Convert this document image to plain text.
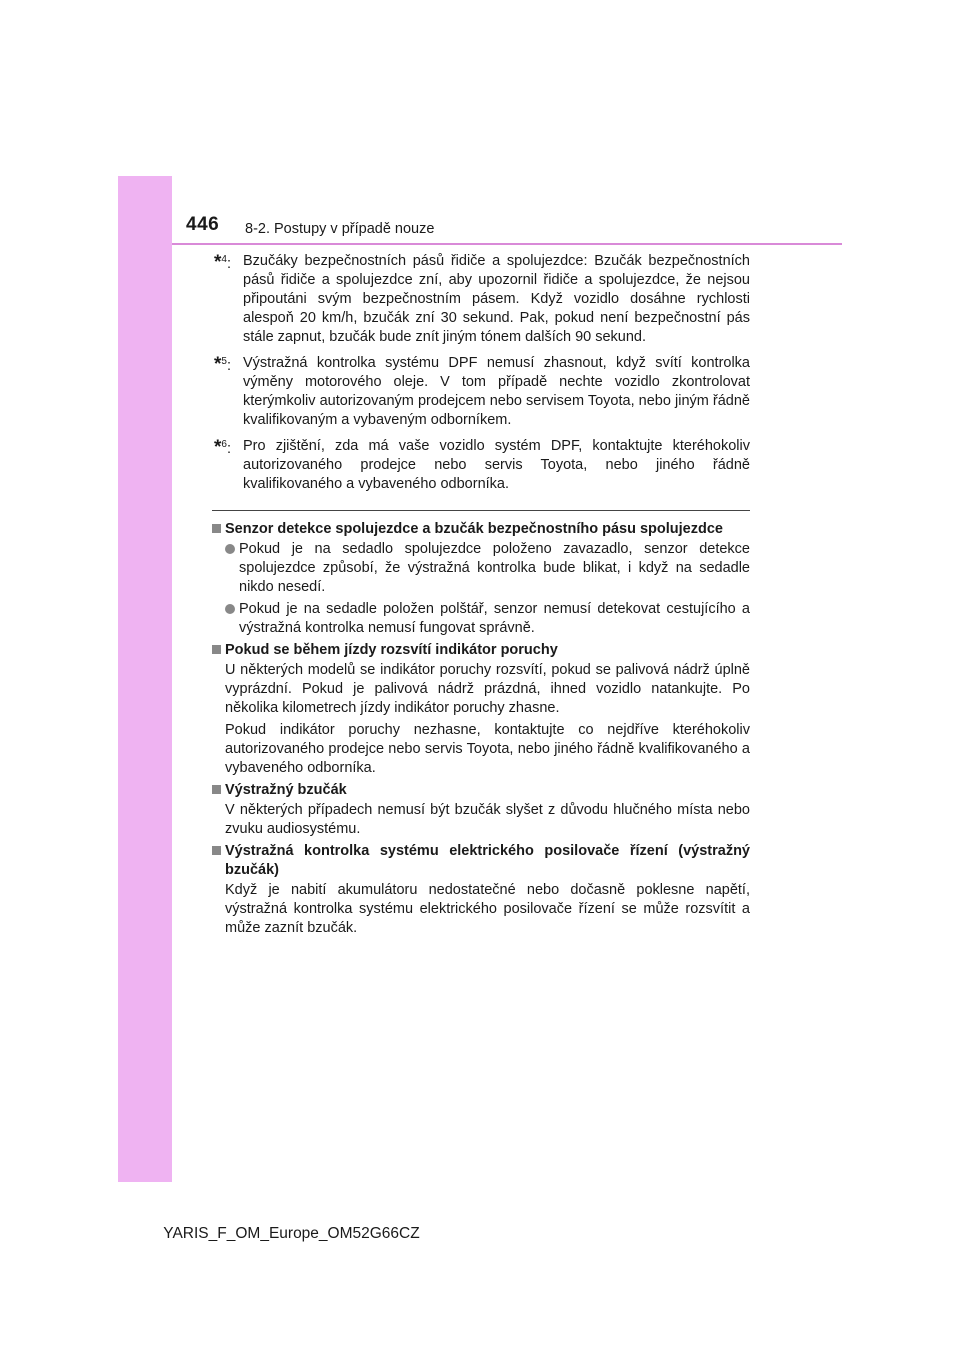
446 8-2. Postupy v případě nouze
*$^4$: Bzučáky bezpečnostních pásů řidiče a spolujezdce: Bzučák bezpečnostních pásů řidiče a spolujezdce zní, aby upozornil řidiče a spolujezdce, že nejsou připoutáni svým bezpečnostním pásem. Když vozidlo dosáhne rychlosti alespoň 20 km/h, bzučák zní 30 sekund. Pak, pokud není bezpečnostní pás stále zapnut, bzučák bude znít jiným tónem dalších 90 sekund.
*$^5$: Výstražná kontrolka systému DPF nemusí zhasnout, když svítí kontrolka výměny motorového oleje. V tom případě nechte vozidlo zkontrolovat kterýmkoliv autorizovaným prodejcem nebo servisem Toyota, nebo jiným řádně kvalifikovaným a vybaveným odborníkem.
*$^6$: Pro zjištění, zda má vaše vozidlo systém DPF, kontaktujte kteréhokoliv autorizovaného prodejce nebo servis Toyota, nebo jiného řádně kvalifikovaného a vybaveného odborníka.
Senzor detekce spolujezdce a bzučák bezpečnostního pásu spolujezdce
Pokud je na sedadlo spolujezdce položeno zavazadlo, senzor detekce spolujezdce způsobí, že výstražná kontrolka bude blikat, i když na sedadle nikdo nesedí.
Pokud je na sedadle položen polštář, senzor nemusí detekovat cestujícího a výstražná kontrolka nemusí fungovat správně.
Pokud se během jízdy rozsvítí indikátor poruchy
U některých modelů se indikátor poruchy rozsvítí, pokud se palivová nádrž úplně vyprázdní. Pokud je palivová nádrž prázdná, ihned vozidlo natankujte. Po několika kilometrech jízdy indikátor poruchy zhasne.
Pokud indikátor poruchy nezhasne, kontaktujte co nejdříve kteréhokoliv autorizovaného prodejce nebo servis Toyota, nebo jiného řádně kvalifikovaného a vybaveného odborníka.
Výstražný bzučák
V některých případech nemusí být bzučák slyšet z důvodu hlučného místa nebo zvuku audiosystému.
Výstražná kontrolka systému elektrického posilovače řízení (výstražný bzučák)
Když je nabití akumulátoru nedostatečné nebo dočasně poklesne napětí, výstražná kontrolka systému elektrického posilovače řízení se může rozsvítit a může zaznít bzučák.
YARIS_F_OM_Europe_OM52G66CZ
